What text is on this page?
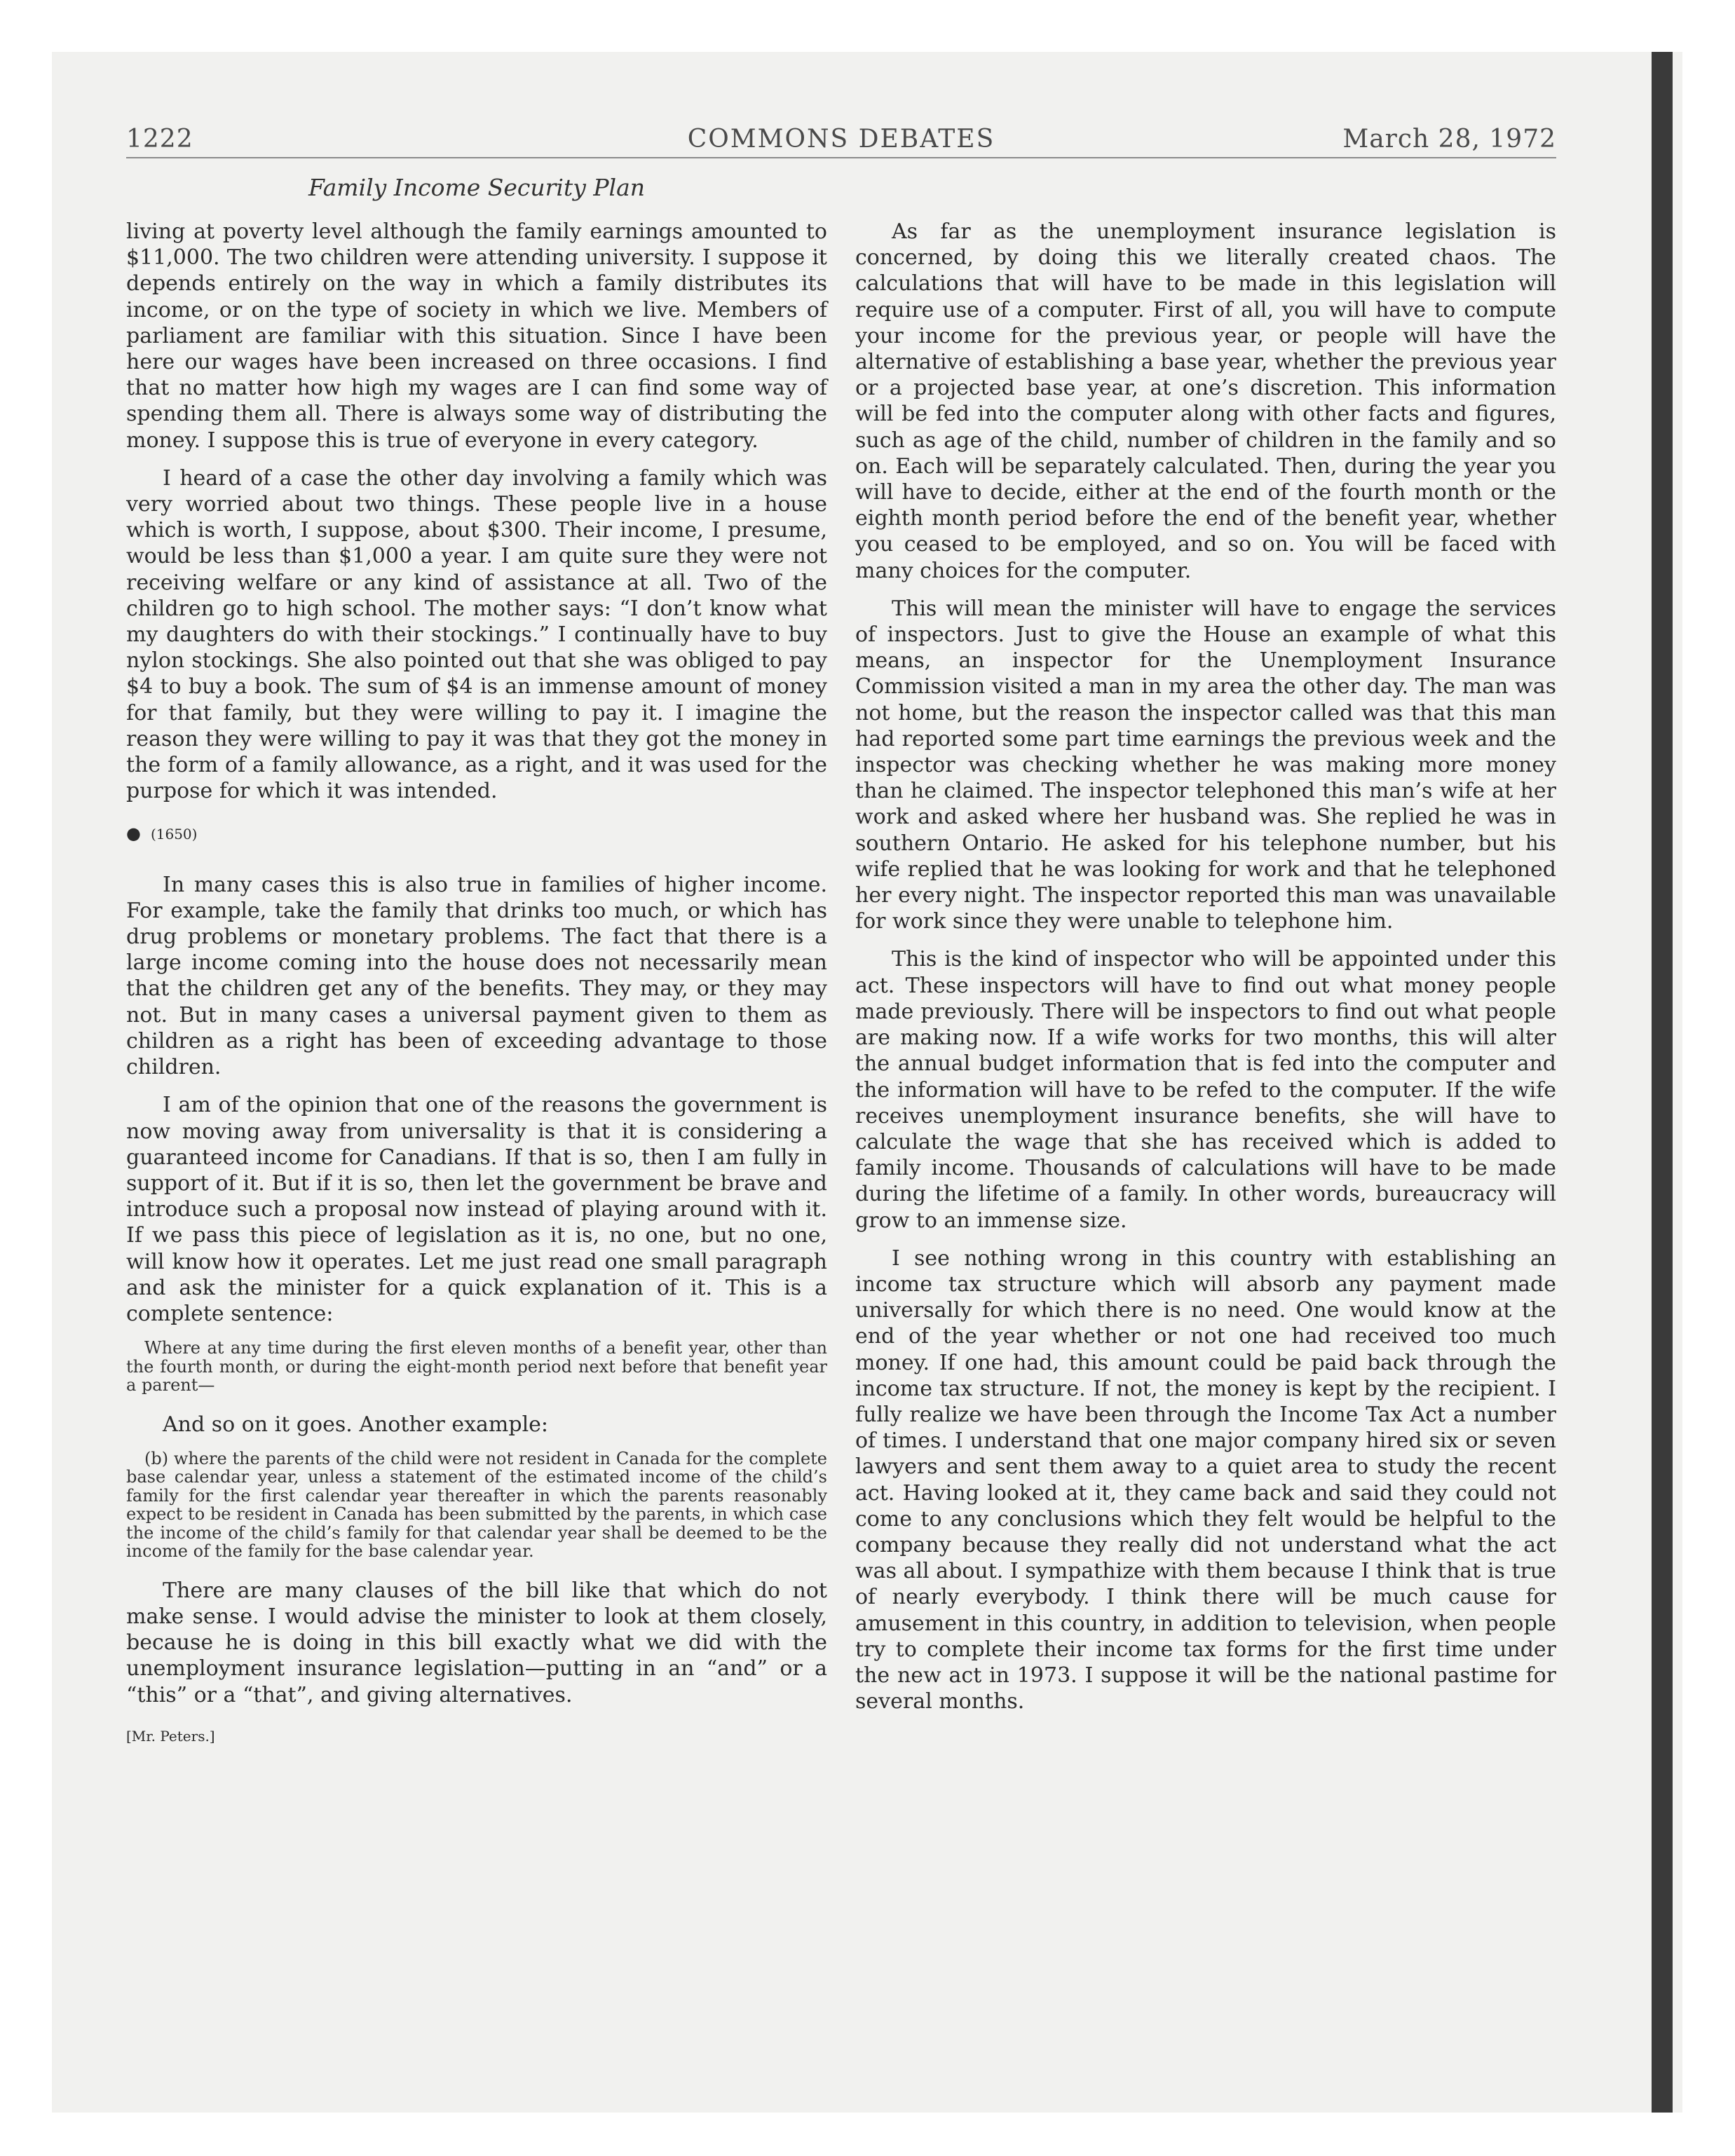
1222	COMMONS DEBATES	March 28, 1972
Family Income Security Plan

living at poverty level although the family earnings amounted to $11,000. The two children were attending university. I suppose it depends entirely on the way in which a family distributes its income, or on the type of society in which we live. Members of parliament are familiar with this situation. Since I have been here our wages have been increased on three occasions. I find that no matter how high my wages are I can find some way of spending them all. There is always some way of distributing the money. I suppose this is true of everyone in every category.

I heard of a case the other day involving a family which was very worried about two things. These people live in a house which is worth, I suppose, about $300. Their income, I presume, would be less than $1,000 a year. I am quite sure they were not receiving welfare or any kind of assistance at all. Two of the children go to high school. The mother says: “I don’t know what my daughters do with their stockings.” I continually have to buy nylon stockings. She also pointed out that she was obliged to pay $4 to buy a book. The sum of $4 is an immense amount of money for that family, but they were willing to pay it. I imagine the reason they were willing to pay it was that they got the money in the form of a family allowance, as a right, and it was used for the purpose for which it was intended.

● (1650)

In many cases this is also true in families of higher income. For example, take the family that drinks too much, or which has drug problems or monetary problems. The fact that there is a large income coming into the house does not necessarily mean that the children get any of the benefits. They may, or they may not. But in many cases a universal payment given to them as children as a right has been of exceeding advantage to those children.

I am of the opinion that one of the reasons the government is now moving away from universality is that it is considering a guaranteed income for Canadians. If that is so, then I am fully in support of it. But if it is so, then let the government be brave and introduce such a proposal now instead of playing around with it. If we pass this piece of legislation as it is, no one, but no one, will know how it operates. Let me just read one small paragraph and ask the minister for a quick explanation of it. This is a complete sentence:

Where at any time during the first eleven months of a benefit year, other than the fourth month, or during the eight-month period next before that benefit year a parent—

And so on it goes. Another example:

(b) where the parents of the child were not resident in Canada for the complete base calendar year, unless a statement of the estimated income of the child’s family for the first calendar year thereafter in which the parents reasonably expect to be resident in Canada has been submitted by the parents, in which case the income of the child’s family for that calendar year shall be deemed to be the income of the family for the base calendar year.

There are many clauses of the bill like that which do not make sense. I would advise the minister to look at them closely, because he is doing in this bill exactly what we did with the unemployment insurance legislation—putting in an “and” or a “this” or a “that”, and giving alternatives.

[Mr. Peters.]

As far as the unemployment insurance legislation is concerned, by doing this we literally created chaos. The calculations that will have to be made in this legislation will require use of a computer. First of all, you will have to compute your income for the previous year, or people will have the alternative of establishing a base year, whether the previous year or a projected base year, at one’s discretion. This information will be fed into the computer along with other facts and figures, such as age of the child, number of children in the family and so on. Each will be separately calculated. Then, during the year you will have to decide, either at the end of the fourth month or the eighth month period before the end of the benefit year, whether you ceased to be employed, and so on. You will be faced with many choices for the computer.

This will mean the minister will have to engage the services of inspectors. Just to give the House an example of what this means, an inspector for the Unemployment Insurance Commission visited a man in my area the other day. The man was not home, but the reason the inspector called was that this man had reported some part time earnings the previous week and the inspector was checking whether he was making more money than he claimed. The inspector telephoned this man’s wife at her work and asked where her husband was. She replied he was in southern Ontario. He asked for his telephone number, but his wife replied that he was looking for work and that he telephoned her every night. The inspector reported this man was unavailable for work since they were unable to telephone him.

This is the kind of inspector who will be appointed under this act. These inspectors will have to find out what money people made previously. There will be inspectors to find out what people are making now. If a wife works for two months, this will alter the annual budget information that is fed into the computer and the information will have to be refed to the computer. If the wife receives unemployment insurance benefits, she will have to calculate the wage that she has received which is added to family income. Thousands of calculations will have to be made during the lifetime of a family. In other words, bureaucracy will grow to an immense size.

I see nothing wrong in this country with establishing an income tax structure which will absorb any payment made universally for which there is no need. One would know at the end of the year whether or not one had received too much money. If one had, this amount could be paid back through the income tax structure. If not, the money is kept by the recipient. I fully realize we have been through the Income Tax Act a number of times. I understand that one major company hired six or seven lawyers and sent them away to a quiet area to study the recent act. Having looked at it, they came back and said they could not come to any conclusions which they felt would be helpful to the company because they really did not understand what the act was all about. I sympathize with them because I think that is true of nearly everybody. I think there will be much cause for amusement in this country, in addition to television, when people try to complete their income tax forms for the first time under the new act in 1973. I suppose it will be the national pastime for several months.
